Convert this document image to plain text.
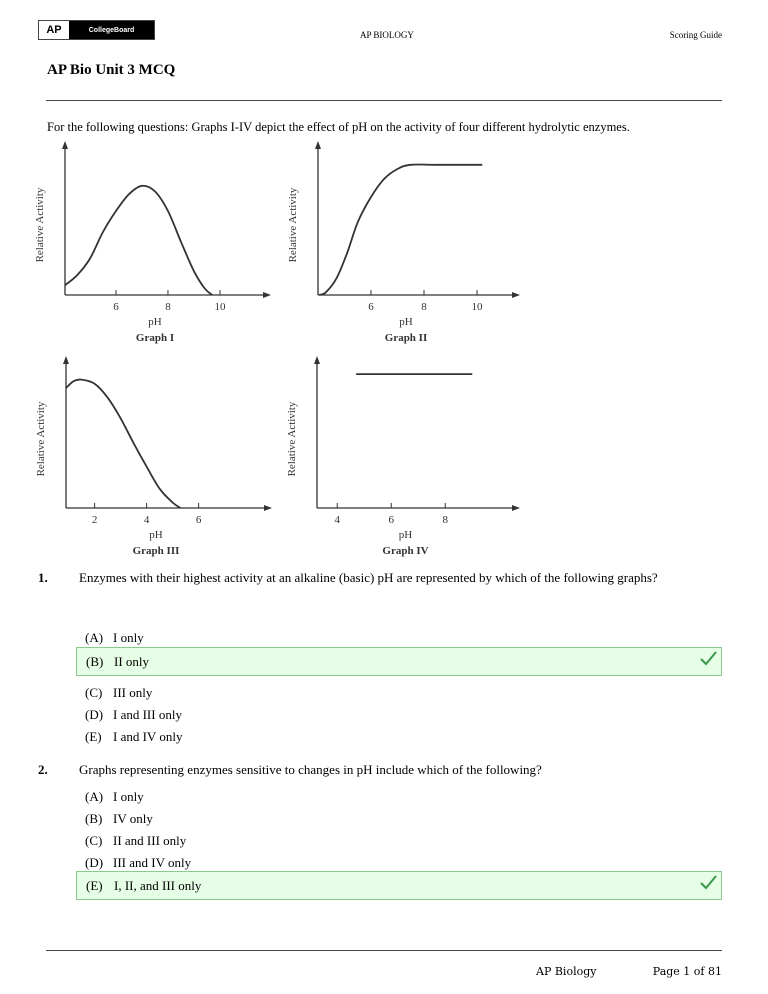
AP	CollegeBoard	AP BIOLOGY	Scoring Guide
AP Bio Unit 3 MCQ
For the following questions: Graphs I-IV depict the effect of pH on the activity of four different hydrolytic enzymes.
6	8	10
pH
Graph I
Relative Activity
6	8	10
pH
Graph II
Relative Activity
2	4	6
pH
Graph III
Relative Activity
4	6	8
pH
Graph IV
Relative Activity
1. Enzymes with their highest activity at an alkaline (basic) pH are represented by which of the following graphs?
(A) I only
(B) II only
(C) III only
(D) I and III only
(E) I and IV only
2. Graphs representing enzymes sensitive to changes in pH include which of the following?
(A) I only
(B) IV only
(C) II and III only
(D) III and IV only
(E) I, II, and III only
AP Biology	Page 1 of 81
